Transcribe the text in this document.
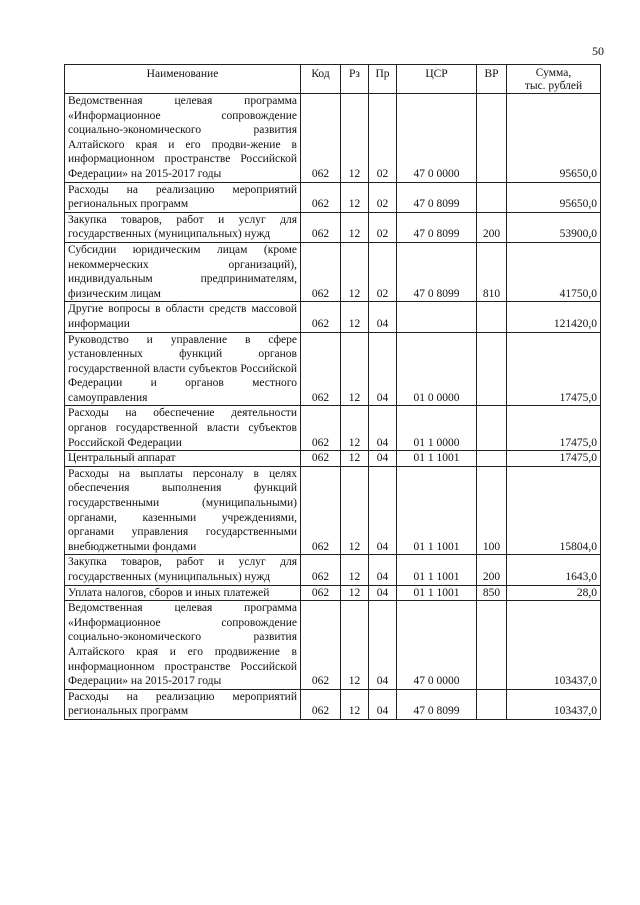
50
Наименование	Код	Рз	Пр	ЦСР	ВР	Сумма,
тыс. рублей

Ведомственная целевая программа «Информационное сопровождение социально-экономического развития Алтайского края и его продви-жение в информационном пространстве Российской Федерации» на 2015-2017 годы	062	12	02	47 0 0000		95650,0
Расходы на реализацию мероприятий региональных программ	062	12	02	47 0 8099		95650,0
Закупка товаров, работ и услуг для государственных (муниципальных) нужд	062	12	02	47 0 8099	200	53900,0
Субсидии юридическим лицам (кроме некоммерческих организаций), индивидуальным предпринимателям, физическим лицам	062	12	02	47 0 8099	810	41750,0
Другие вопросы в области средств массовой информации	062	12	04			121420,0
Руководство и управление в сфере установленных функций органов государственной власти субъектов Российской Федерации и органов местного самоуправления	062	12	04	01 0 0000		17475,0
Расходы на обеспечение деятельности органов государственной власти субъектов Российской Федерации	062	12	04	01 1 0000		17475,0
Центральный аппарат	062	12	04	01 1 1001		17475,0
Расходы на выплаты персоналу в целях обеспечения выполнения функций государственными (муниципальными) органами, казенными учреждениями, органами управления государственными внебюджетными фондами	062	12	04	01 1 1001	100	15804,0
Закупка товаров, работ и услуг для государственных (муниципальных) нужд	062	12	04	01 1 1001	200	1643,0
Уплата налогов, сборов и иных платежей	062	12	04	01 1 1001	850	28,0
Ведомственная целевая программа «Информационное сопровождение социально-экономического развития Алтайского края и его продвижение в информационном пространстве Российской Федерации» на 2015-2017 годы	062	12	04	47 0 0000		103437,0
Расходы на реализацию мероприятий региональных программ	062	12	04	47 0 8099		103437,0
